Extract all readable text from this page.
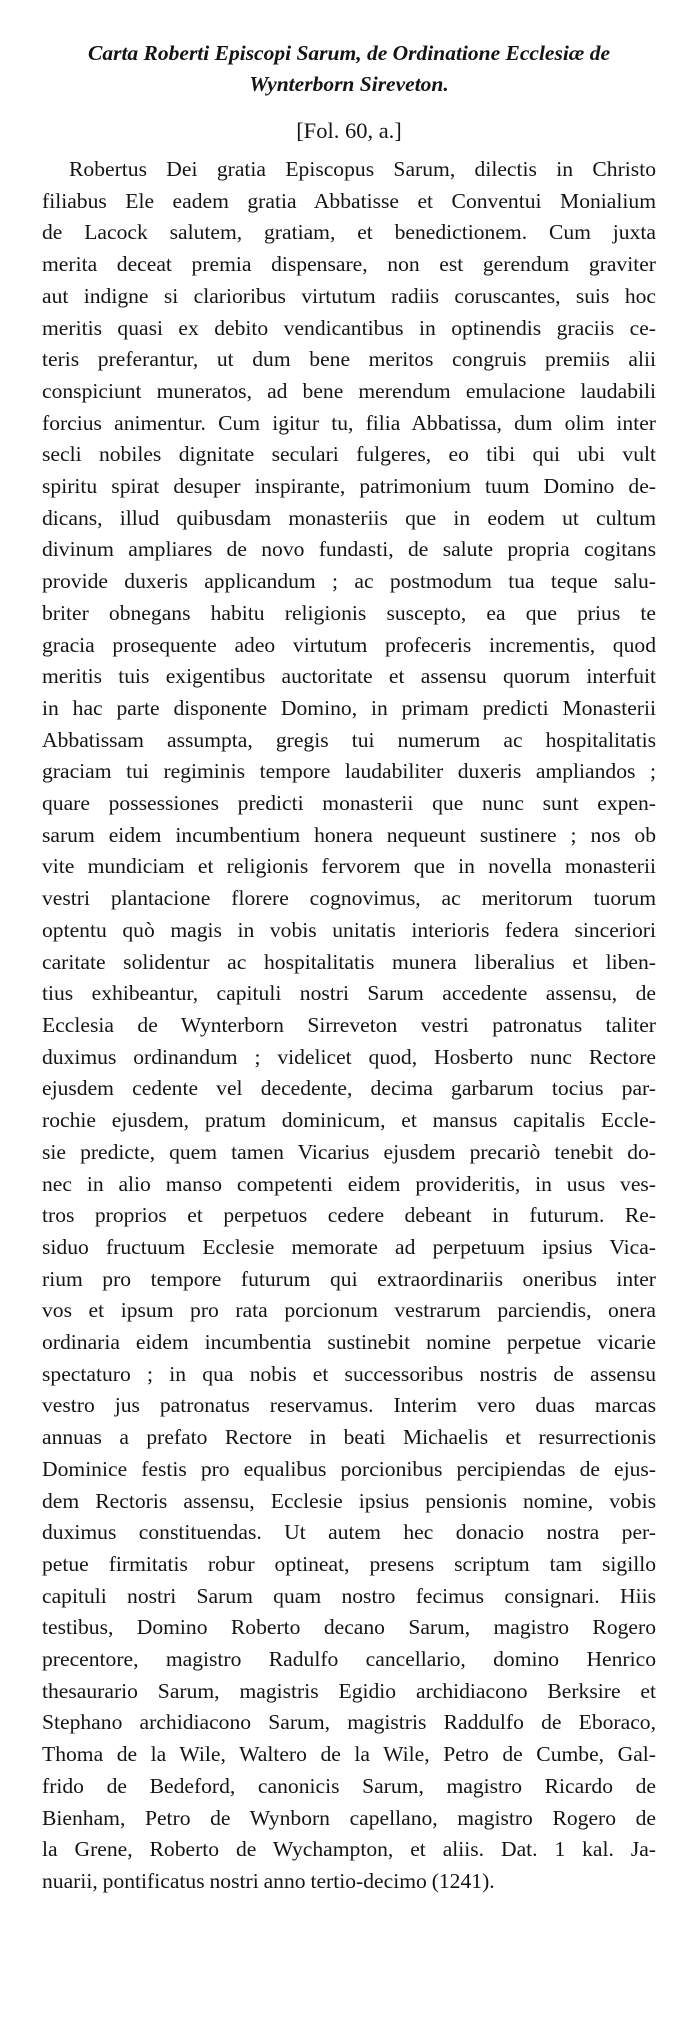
Carta Roberti Episcopi Sarum, de Ordinatione Ecclesiæ de
Wynterborn Sireveton.

[Fol. 60, a.]

Robertus Dei gratia Episcopus Sarum, dilectis in Christo
filiabus Ele eadem gratia Abbatisse et Conventui Monialium
de Lacock salutem, gratiam, et benedictionem. Cum juxta
merita deceat premia dispensare, non est gerendum graviter
aut indigne si clarioribus virtutum radiis coruscantes, suis hoc
meritis quasi ex debito vendicantibus in optinendis graciis ce-
teris preferantur, ut dum bene meritos congruis premiis alii
conspiciunt muneratos, ad bene merendum emulacione laudabili
forcius animentur. Cum igitur tu, filia Abbatissa, dum olim inter
secli nobiles dignitate seculari fulgeres, eo tibi qui ubi vult
spiritu spirat desuper inspirante, patrimonium tuum Domino de-
dicans, illud quibusdam monasteriis que in eodem ut cultum
divinum ampliares de novo fundasti, de salute propria cogitans
provide duxeris applicandum ; ac postmodum tua teque salu-
briter obnegans habitu religionis suscepto, ea que prius te
gracia prosequente adeo virtutum profeceris incrementis, quod
meritis tuis exigentibus auctoritate et assensu quorum interfuit
in hac parte disponente Domino, in primam predicti Monasterii
Abbatissam assumpta, gregis tui numerum ac hospitalitatis
graciam tui regiminis tempore laudabiliter duxeris ampliandos ;
quare possessiones predicti monasterii que nunc sunt expen-
sarum eidem incumbentium honera nequeunt sustinere ; nos ob
vite mundiciam et religionis fervorem que in novella monasterii
vestri plantacione florere cognovimus, ac meritorum tuorum
optentu quò magis in vobis unitatis interioris federa sinceriori
caritate solidentur ac hospitalitatis munera liberalius et liben-
tius exhibeantur, capituli nostri Sarum accedente assensu, de
Ecclesia de Wynterborn Sirreveton vestri patronatus taliter
duximus ordinandum ; videlicet quod, Hosberto nunc Rectore
ejusdem cedente vel decedente, decima garbarum tocius par-
rochie ejusdem, pratum dominicum, et mansus capitalis Eccle-
sie predicte, quem tamen Vicarius ejusdem precariò tenebit do-
nec in alio manso competenti eidem provideritis, in usus ves-
tros proprios et perpetuos cedere debeant in futurum. Re-
siduo fructuum Ecclesie memorate ad perpetuum ipsius Vica-
rium pro tempore futurum qui extraordinariis oneribus inter
vos et ipsum pro rata porcionum vestrarum parciendis, onera
ordinaria eidem incumbentia sustinebit nomine perpetue vicarie
spectaturo ; in qua nobis et successoribus nostris de assensu
vestro jus patronatus reservamus. Interim vero duas marcas
annuas a prefato Rectore in beati Michaelis et resurrectionis
Dominice festis pro equalibus porcionibus percipiendas de ejus-
dem Rectoris assensu, Ecclesie ipsius pensionis nomine, vobis
duximus constituendas. Ut autem hec donacio nostra per-
petue firmitatis robur optineat, presens scriptum tam sigillo
capituli nostri Sarum quam nostro fecimus consignari. Hiis
testibus, Domino Roberto decano Sarum, magistro Rogero
precentore, magistro Radulfo cancellario, domino Henrico
thesaurario Sarum, magistris Egidio archidiacono Berksire et
Stephano archidiacono Sarum, magistris Raddulfo de Eboraco,
Thoma de la Wile, Waltero de la Wile, Petro de Cumbe, Gal-
frido de Bedeford, canonicis Sarum, magistro Ricardo de
Bienham, Petro de Wynborn capellano, magistro Rogero de
la Grene, Roberto de Wychampton, et aliis. Dat. 1 kal. Ja-
nuarii, pontificatus nostri anno tertio-decimo (1241).
